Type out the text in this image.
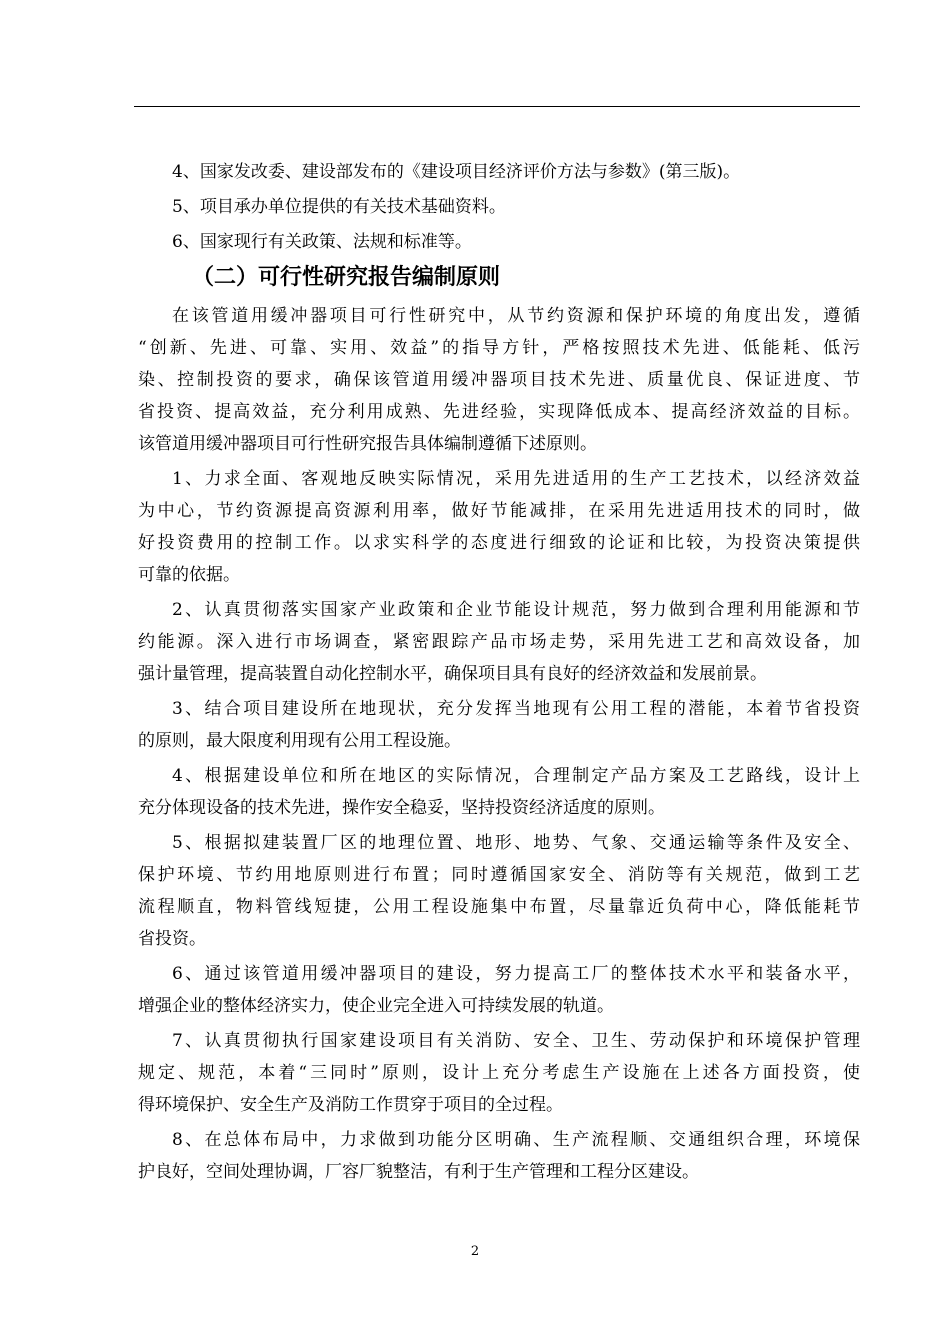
4、国家发改委、建设部发布的《建设项目经济评价方法与参数》(第三版)。
5、项目承办单位提供的有关技术基础资料。
6、国家现行有关政策、法规和标准等。
（二）可行性研究报告编制原则
在该管道用缓冲器项目可行性研究中，从节约资源和保护环境的角度出发，遵循
“创新、先进、可靠、实用、效益”的指导方针，严格按照技术先进、低能耗、低污
染、控制投资的要求，确保该管道用缓冲器项目技术先进、质量优良、保证进度、节
省投资、提高效益，充分利用成熟、先进经验，实现降低成本、提高经济效益的目标。
该管道用缓冲器项目可行性研究报告具体编制遵循下述原则。
1、力求全面、客观地反映实际情况，采用先进适用的生产工艺技术，以经济效益
为中心，节约资源提高资源利用率，做好节能减排，在采用先进适用技术的同时，做
好投资费用的控制工作。以求实科学的态度进行细致的论证和比较，为投资决策提供
可靠的依据。
2、认真贯彻落实国家产业政策和企业节能设计规范，努力做到合理利用能源和节
约能源。深入进行市场调查，紧密跟踪产品市场走势，采用先进工艺和高效设备，加
强计量管理，提高装置自动化控制水平，确保项目具有良好的经济效益和发展前景。
3、结合项目建设所在地现状，充分发挥当地现有公用工程的潜能，本着节省投资
的原则，最大限度利用现有公用工程设施。
4、根据建设单位和所在地区的实际情况，合理制定产品方案及工艺路线，设计上
充分体现设备的技术先进，操作安全稳妥，坚持投资经济适度的原则。
5、根据拟建装置厂区的地理位置、地形、地势、气象、交通运输等条件及安全、
保护环境、节约用地原则进行布置；同时遵循国家安全、消防等有关规范，做到工艺
流程顺直，物料管线短捷，公用工程设施集中布置，尽量靠近负荷中心，降低能耗节
省投资。
6、通过该管道用缓冲器项目的建设，努力提高工厂的整体技术水平和装备水平，
增强企业的整体经济实力，使企业完全进入可持续发展的轨道。
7、认真贯彻执行国家建设项目有关消防、安全、卫生、劳动保护和环境保护管理
规定、规范，本着“三同时”原则，设计上充分考虑生产设施在上述各方面投资，使
得环境保护、安全生产及消防工作贯穿于项目的全过程。
8、在总体布局中，力求做到功能分区明确、生产流程顺、交通组织合理，环境保
护良好，空间处理协调，厂容厂貌整洁，有利于生产管理和工程分区建设。
2
